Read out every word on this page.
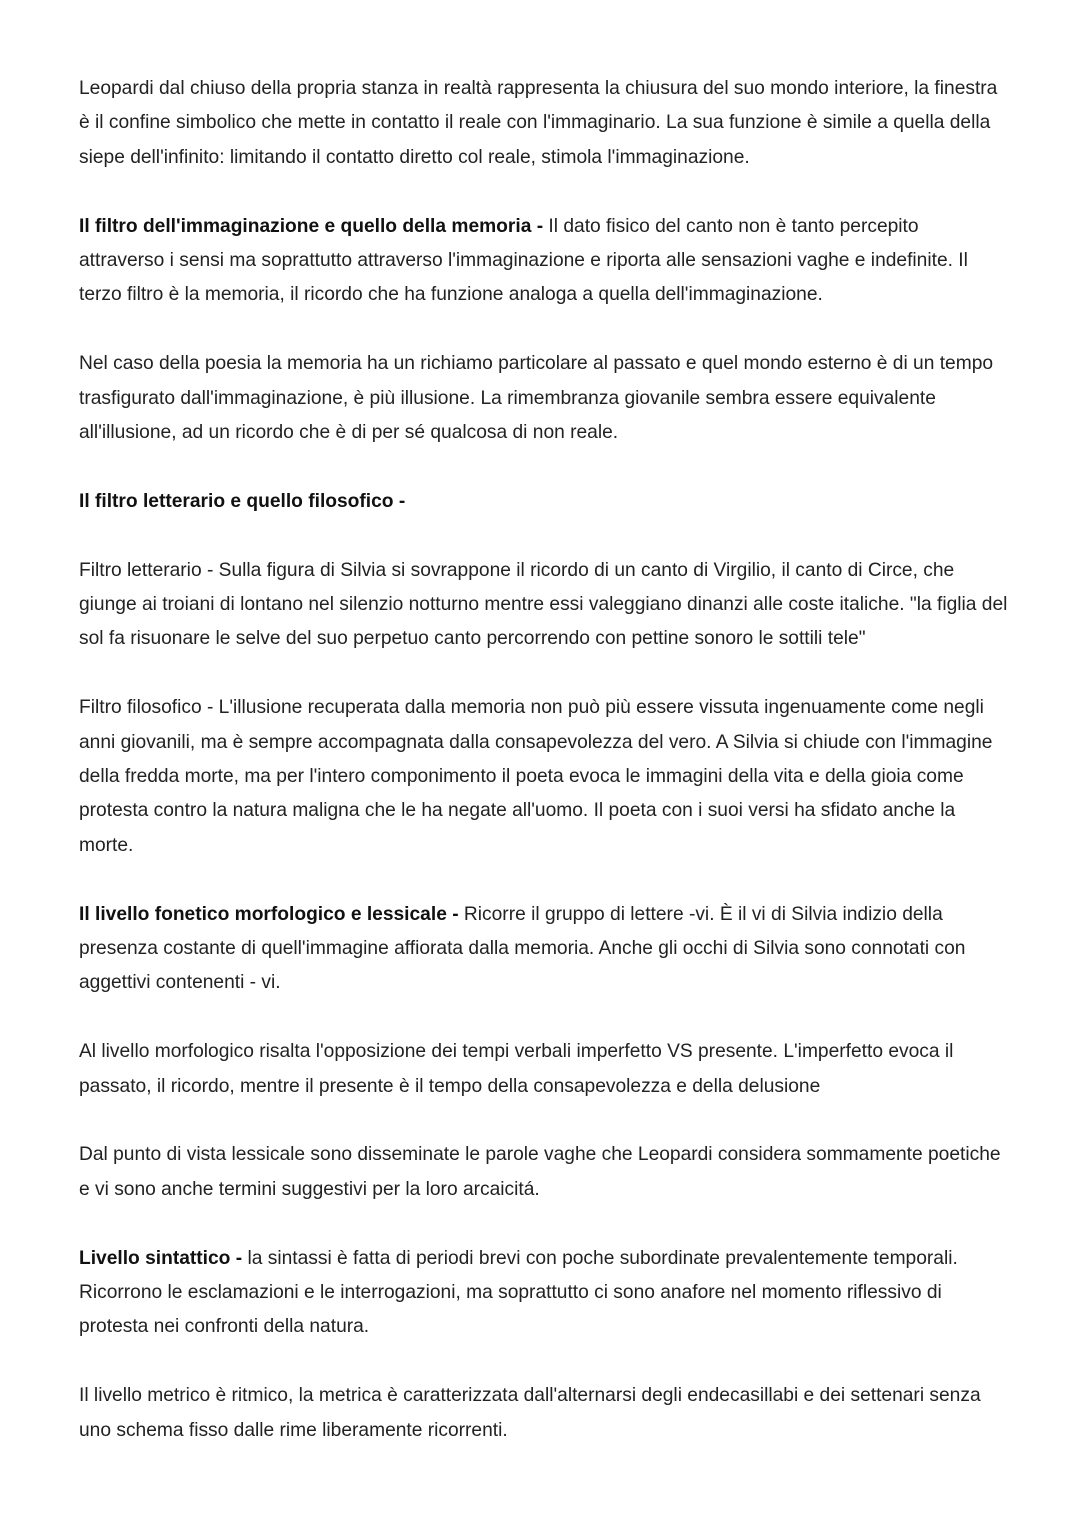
Leopardi dal chiuso della propria stanza in realtà rappresenta la chiusura del suo mondo interiore, la finestra è il confine simbolico che mette in contatto il reale con l'immaginario. La sua funzione è simile a quella della siepe dell'infinito: limitando il contatto diretto col reale, stimola l'immaginazione.

Il filtro dell'immaginazione e quello della memoria - Il dato fisico del canto non è tanto percepito attraverso i sensi ma soprattutto attraverso l'immaginazione e riporta alle sensazioni vaghe e indefinite. Il terzo filtro è la memoria, il ricordo che ha funzione analoga a quella dell'immaginazione.

Nel caso della poesia la memoria ha un richiamo particolare al passato e quel mondo esterno è di un tempo trasfigurato dall'immaginazione, è più illusione. La rimembranza giovanile sembra essere equivalente all'illusione, ad un ricordo che è di per sé qualcosa di non reale.

Il filtro letterario e quello filosofico -

Filtro letterario - Sulla figura di Silvia si sovrappone il ricordo di un canto di Virgilio, il canto di Circe, che giunge ai troiani di lontano nel silenzio notturno mentre essi valeggiano dinanzi alle coste italiche. "la figlia del sol fa risuonare le selve del suo perpetuo canto percorrendo con pettine sonoro le sottili tele"

Filtro filosofico - L'illusione recuperata dalla memoria non può più essere vissuta ingenuamente come negli anni giovanili, ma è sempre accompagnata dalla consapevolezza del vero. A Silvia si chiude con l'immagine della fredda morte, ma per l'intero componimento il poeta evoca le immagini della vita e della gioia come protesta contro la natura maligna che le ha negate all'uomo. Il poeta con i suoi versi ha sfidato anche la morte.

Il livello fonetico morfologico e lessicale - Ricorre il gruppo di lettere -vi. È il vi di Silvia indizio della presenza costante di quell'immagine affiorata dalla memoria. Anche gli occhi di Silvia sono connotati con aggettivi contenenti - vi.

Al livello morfologico risalta l'opposizione dei tempi verbali imperfetto VS presente. L'imperfetto evoca il passato, il ricordo, mentre il presente è il tempo della consapevolezza e della delusione

Dal punto di vista lessicale sono disseminate le parole vaghe che Leopardi considera sommamente poetiche e vi sono anche termini suggestivi per la loro arcaicitá.

Livello sintattico - la sintassi è fatta di periodi brevi con poche subordinate prevalentemente temporali. Ricorrono le esclamazioni e le interrogazioni, ma soprattutto ci sono anafore nel momento riflessivo di protesta nei confronti della natura.

Il livello metrico è ritmico, la metrica è caratterizzata dall'alternarsi degli endecasillabi e dei settenari senza uno schema fisso dalle rime liberamente ricorrenti.
